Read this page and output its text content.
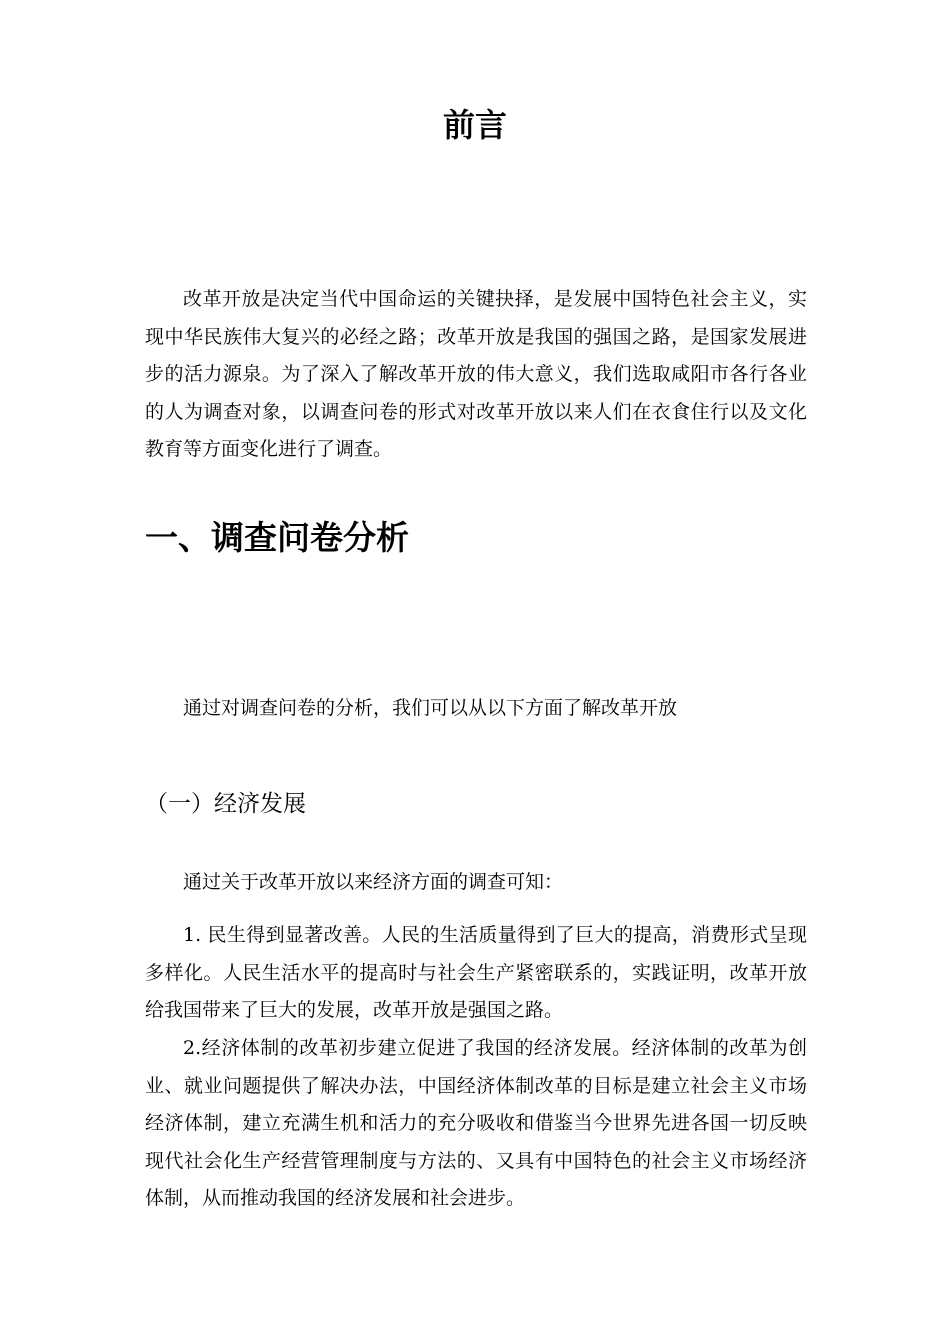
前言

改革开放是决定当代中国命运的关键抉择，是发展中国特色社会主义，实现中华民族伟大复兴的必经之路；改革开放是我国的强国之路，是国家发展进步的活力源泉。为了深入了解改革开放的伟大意义，我们选取咸阳市各行各业的人为调查对象，以调查问卷的形式对改革开放以来人们在衣食住行以及文化教育等方面变化进行了调查。

一、调查问卷分析

通过对调查问卷的分析，我们可以从以下方面了解改革开放

（一）经济发展

通过关于改革开放以来经济方面的调查可知：

1. 民生得到显著改善。人民的生活质量得到了巨大的提高，消费形式呈现多样化。人民生活水平的提高时与社会生产紧密联系的，实践证明，改革开放给我国带来了巨大的发展，改革开放是强国之路。

2.经济体制的改革初步建立促进了我国的经济发展。经济体制的改革为创业、就业问题提供了解决办法，中国经济体制改革的目标是建立社会主义市场经济体制，建立充满生机和活力的充分吸收和借鉴当今世界先进各国一切反映现代社会化生产经营管理制度与方法的、又具有中国特色的社会主义市场经济体制，从而推动我国的经济发展和社会进步。
